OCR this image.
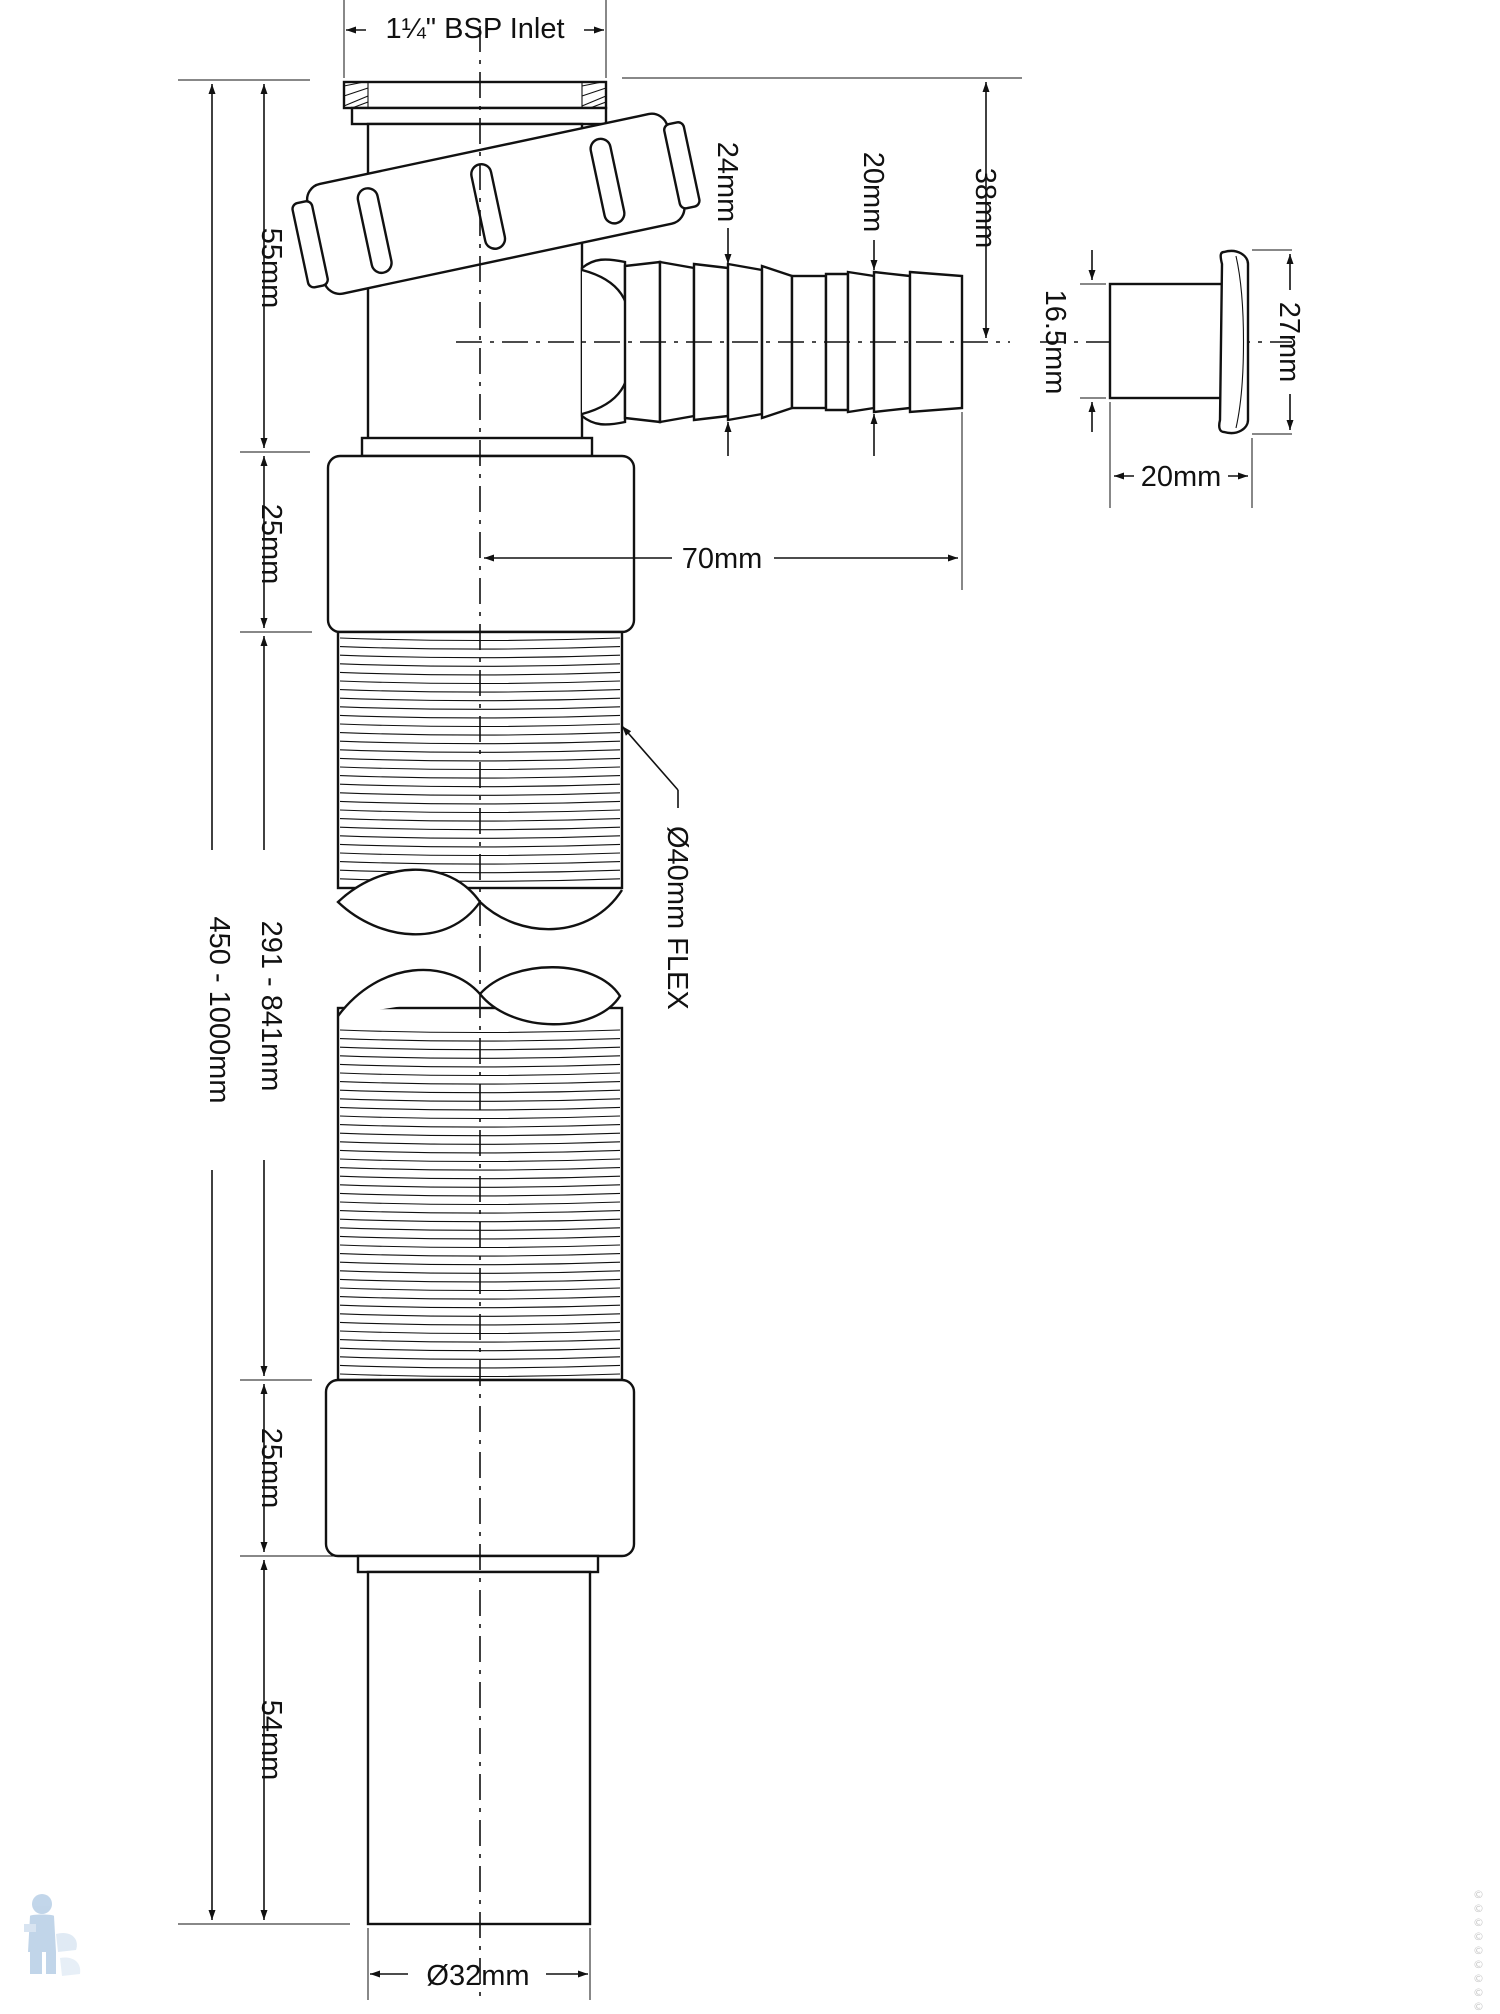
1¼" BSP Inlet
55mm
25mm
291 - 841mm
450 - 1000mm
25mm
54mm
Ø32mm
Ø40mm FLEX
24mm	20mm	38mm
70mm
16.5mm	27mm
20mm
©©©©©©©©©
